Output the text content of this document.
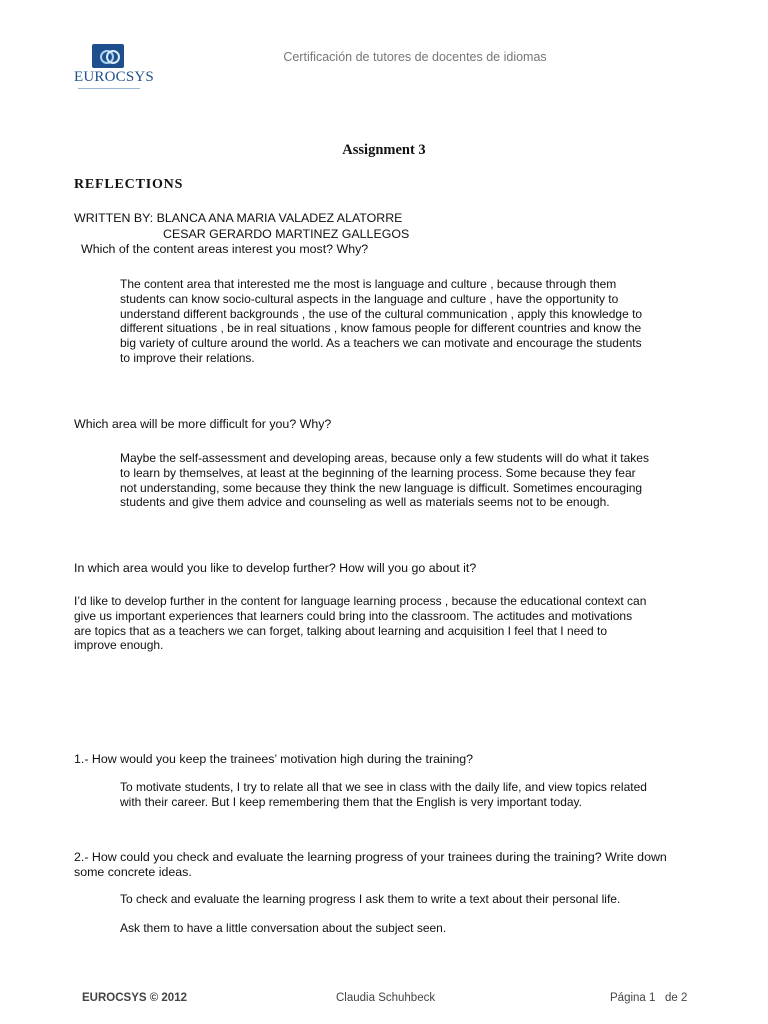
EUROCSYS
Certificación de tutores de docentes de idiomas
Assignment 3
REFLECTIONS
WRITTEN BY: BLANCA ANA MARIA VALADEZ ALATORRE
CESAR GERARDO MARTINEZ GALLEGOS
Which of the content areas interest you most? Why?
The content area that interested me the most is language and culture , because through them
students can know socio-cultural aspects in the language and culture , have the opportunity to
understand different backgrounds , the use of the cultural communication , apply this knowledge to
different situations , be in real situations , know famous people for different countries and know the
big variety of culture around the world. As a teachers we can motivate and encourage the students
to improve their relations.
Which area will be more difficult for you? Why?
Maybe the self-assessment and developing areas, because only a few students will do what it takes
to learn by themselves, at least at the beginning of the learning process. Some because they fear
not understanding, some because they think the new language is difficult. Sometimes encouraging
students and give them advice and counseling as well as materials seems not to be enough.
In which area would you like to develop further? How will you go about it?
I’d like to develop further in the content for language learning process , because the educational context can
give us important experiences that learners could bring into the classroom. The actitudes and motivations
are topics that as a teachers we can forget, talking about learning and acquisition I feel that I need to
improve enough.
1.- How would you keep the trainees’ motivation high during the training?
To motivate students, I try to relate all that we see in class with the daily life, and view topics related
with their career. But I keep remembering them that the English is very important today.
2.- How could you check and evaluate the learning progress of your trainees during the training? Write down
some concrete ideas.
To check and evaluate the learning progress I ask them to write a text about their personal life.
Ask them to have a little conversation about the subject seen.
EUROCSYS © 2012	Claudia Schuhbeck	Página 1   de 2
